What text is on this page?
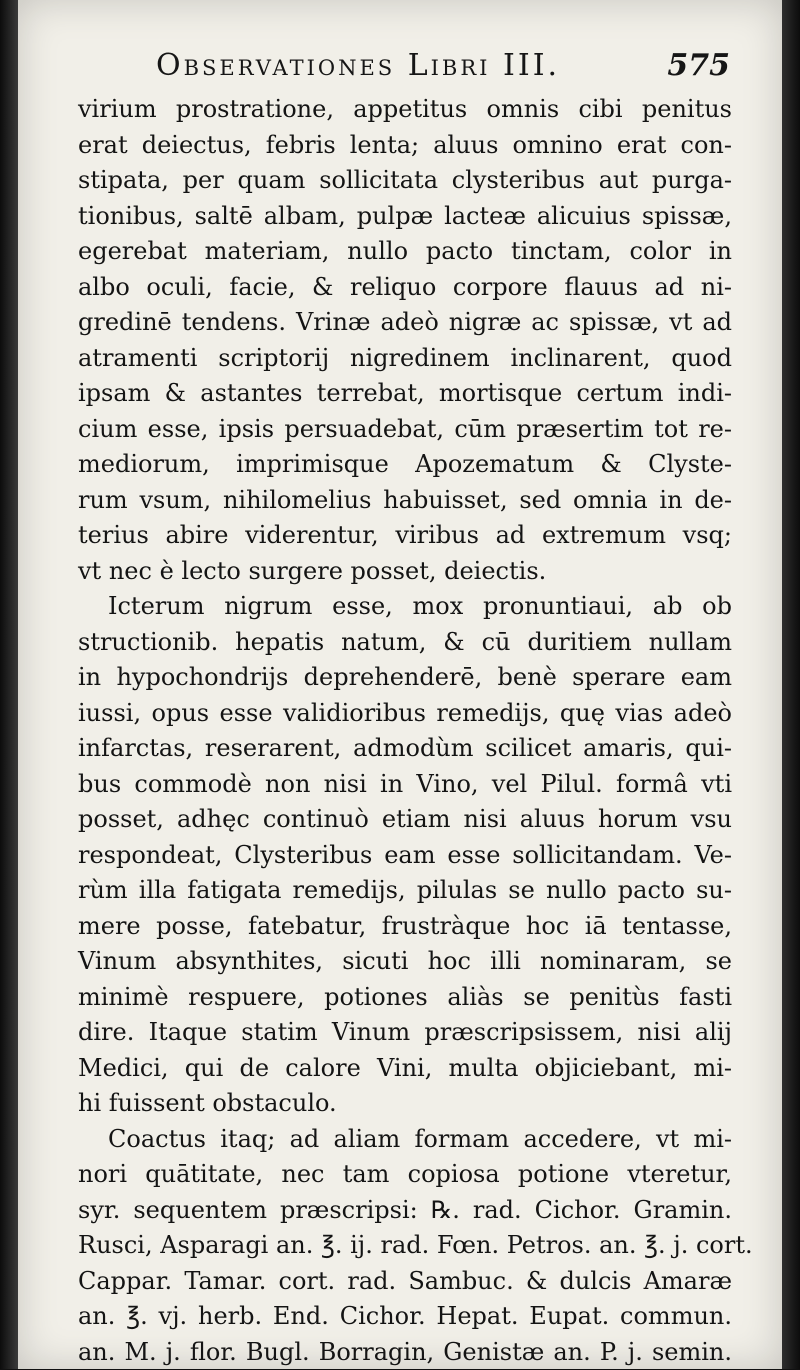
Observationes Libri III.	575
virium prostratione, appetitus omnis cibi penitus
erat deiectus, febris lenta; aluus omnino erat con-
stipata, per quam sollicitata clysteribus aut purga-
tionibus, saltē albam, pulpæ lacteæ alicuius spissæ,
egerebat materiam, nullo pacto tinctam, color in
albo oculi, facie, & reliquo corpore flauus ad ni-
gredinē tendens. Vrinæ adeò nigræ ac spissæ, vt ad
atramenti scriptorij nigredinem inclinarent, quod
ipsam & astantes terrebat, mortisque certum indi-
cium esse, ipsis persuadebat, cūm præsertim tot re-
mediorum, imprimisque Apozematum & Clyste-
rum vsum, nihilomelius habuisset, sed omnia in de-
terius abire viderentur, viribus ad extremum vsq;
vt nec è lecto surgere posset, deiectis.
Icterum nigrum esse, mox pronuntiaui, ab ob
structionib. hepatis natum, & cū duritiem nullam
in hypochondrijs deprehenderē, benè sperare eam
iussi, opus esse validioribus remedijs, quę vias adeò
infarctas, reserarent, admodùm scilicet amaris, qui-
bus commodè non nisi in Vino, vel Pilul. formâ vti
posset, adhęc continuò etiam nisi aluus horum vsu
respondeat, Clysteribus eam esse sollicitandam. Ve-
rùm illa fatigata remedijs, pilulas se nullo pacto su-
mere posse, fatebatur, frustràque hoc iā tentasse,
Vinum absynthites, sicuti hoc illi nominaram, se
minimè respuere, potiones aliàs se penitùs fasti
dire. Itaque statim Vinum præscripsissem, nisi alij
Medici, qui de calore Vini, multa objiciebant, mi-
hi fuissent obstaculo.
Coactus itaq; ad aliam formam accedere, vt mi-
nori quātitate, nec tam copiosa potione vteretur,
syr. sequentem præscripsi: ℞. rad. Cichor. Gramin.
Rusci, Asparagi an. ℥. ij. rad. Fœn. Petros. an. ℥. j. cort.
Cappar. Tamar. cort. rad. Sambuc. & dulcis Amaræ
an. ℥. vj. herb. End. Cichor. Hepat. Eupat. commun.
an. M. j. flor. Bugl. Borragin, Genistæ an. P. j. semin.
